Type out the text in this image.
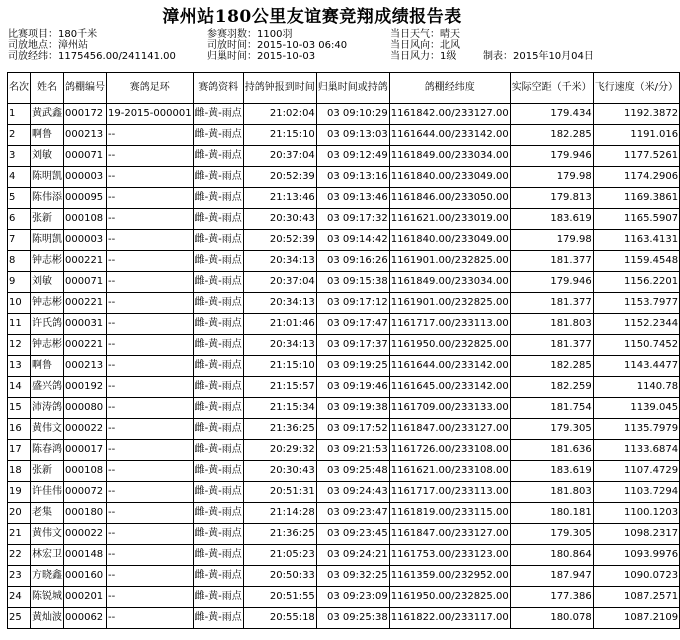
漳州站180公里友谊赛竞翔成绩报告表
比赛项目：180千米
司放地点：漳州站
司放经纬：1175456.00/241141.00
参赛羽数：1100羽
司放时间：2015-10-03 06:40
归巢时间：2015-10-03
当日天气：晴天
当日风向：北风
当日风力：1级	制表：2015年10月04日
名次	姓名	鸽棚编号	赛鸽足环	赛鸽资料	持鸽钟报到时间	归巢时间或持鸽	鸽棚经纬度	实际空距（千米）	飞行速度（米/分）
1	黄武鑫	000172	19-2015-000001	雌-黄-雨点	21:02:04	03 09:10:29	1161842.00/233127.00	179.434	1192.3872
2	啊鲁	000213	--	雌-黄-雨点	21:15:10	03 09:13:03	1161644.00/233142.00	182.285	1191.016
3	刘敏	000071	--	雌-黄-雨点	20:37:04	03 09:12:49	1161849.00/233034.00	179.946	1177.5261
4	陈明凯	000003	--	雌-黄-雨点	20:52:39	03 09:13:16	1161840.00/233049.00	179.98	1174.2906
5	陈伟添	000095	--	雌-黄-雨点	21:13:46	03 09:13:46	1161846.00/233050.00	179.813	1169.3861
6	张新	000108	--	雌-黄-雨点	20:30:43	03 09:17:32	1161621.00/233019.00	183.619	1165.5907
7	陈明凯	000003	--	雌-黄-雨点	20:52:39	03 09:14:42	1161840.00/233049.00	179.98	1163.4131
8	钟志彬	000221	--	雌-黄-雨点	20:34:13	03 09:16:26	1161901.00/232825.00	181.377	1159.4548
9	刘敏	000071	--	雌-黄-雨点	20:37:04	03 09:15:38	1161849.00/233034.00	179.946	1156.2201
10	钟志彬	000221	--	雌-黄-雨点	20:34:13	03 09:17:12	1161901.00/232825.00	181.377	1153.7977
11	许氏鸽	000031	--	雌-黄-雨点	21:01:46	03 09:17:47	1161717.00/233113.00	181.803	1152.2344
12	钟志彬	000221	--	雌-黄-雨点	20:34:13	03 09:17:37	1161950.00/232825.00	181.377	1150.7452
13	啊鲁	000213	--	雌-黄-雨点	21:15:10	03 09:19:25	1161644.00/233142.00	182.285	1143.4477
14	盛兴鸽	000192	--	雌-黄-雨点	21:15:57	03 09:19:46	1161645.00/233142.00	182.259	1140.78
15	沛涛鸽	000080	--	雌-黄-雨点	21:15:34	03 09:19:38	1161709.00/233133.00	181.754	1139.045
16	黄伟文	000022	--	雌-黄-雨点	21:36:25	03 09:17:52	1161847.00/233127.00	179.305	1135.7979
17	陈春鸿	000017	--	雌-黄-雨点	20:29:32	03 09:21:53	1161726.00/233108.00	181.636	1133.6874
18	张新	000108	--	雌-黄-雨点	20:30:43	03 09:25:48	1161621.00/233108.00	183.619	1107.4729
19	许佳伟	000072	--	雌-黄-雨点	20:51:31	03 09:24:43	1161717.00/233113.00	181.803	1103.7294
20	老集	000180	--	雌-黄-雨点	21:14:28	03 09:23:47	1161819.00/233115.00	180.181	1100.1203
21	黄伟文	000022	--	雌-黄-雨点	21:36:25	03 09:23:45	1161847.00/233127.00	179.305	1098.2317
22	林宏卫	000148	--	雌-黄-雨点	21:05:23	03 09:24:21	1161753.00/233123.00	180.864	1093.9976
23	方晓鑫	000160	--	雌-黄-雨点	20:50:33	03 09:32:25	1161359.00/232952.00	187.947	1090.0723
24	陈锐城	000201	--	雌-黄-雨点	20:51:55	03 09:23:09	1161950.00/232825.00	177.386	1087.2571
25	黄灿波	000062	--	雌-黄-雨点	20:55:18	03 09:25:38	1161822.00/233117.00	180.078	1087.2109
